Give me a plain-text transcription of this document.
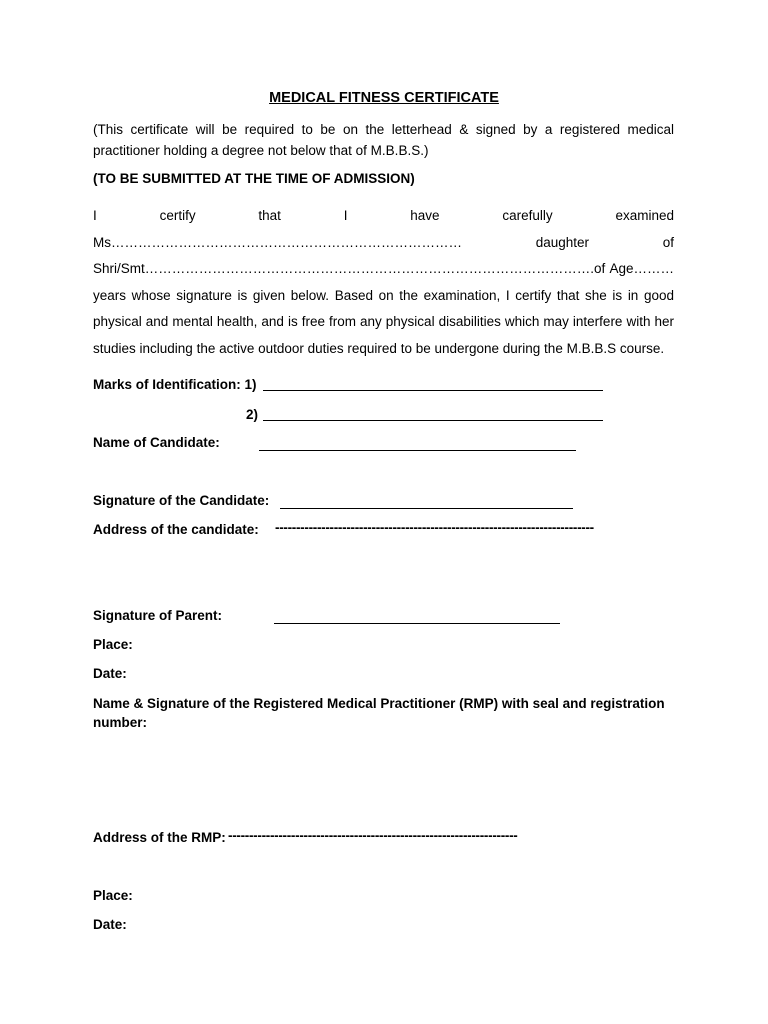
MEDICAL FITNESS CERTIFICATE
(This certificate will be required to be on the letterhead & signed by a registered medical practitioner holding a degree not below that of M.B.B.S.)
(TO BE SUBMITTED AT THE TIME OF ADMISSION)
I certify that I have carefully examined Ms…………………………………………………………………… daughter of Shri/Smt……………………………………………………………………………………….of Age……… years whose signature is given below. Based on the examination, I certify that she is in good physical and mental health, and is free from any physical disabilities which may interfere with her studies including the active outdoor duties required to be undergone during the M.B.B.S course.
Marks of Identification: 1)
2)
Name of Candidate:
Signature of the Candidate:
Address of the candidate: ----------------------------------------------------------------------------
Signature of Parent:
Place:
Date:
Name & Signature of the Registered Medical Practitioner (RMP) with seal and registration number:
Address of the RMP: ---------------------------------------------------------------------
Place:
Date:
